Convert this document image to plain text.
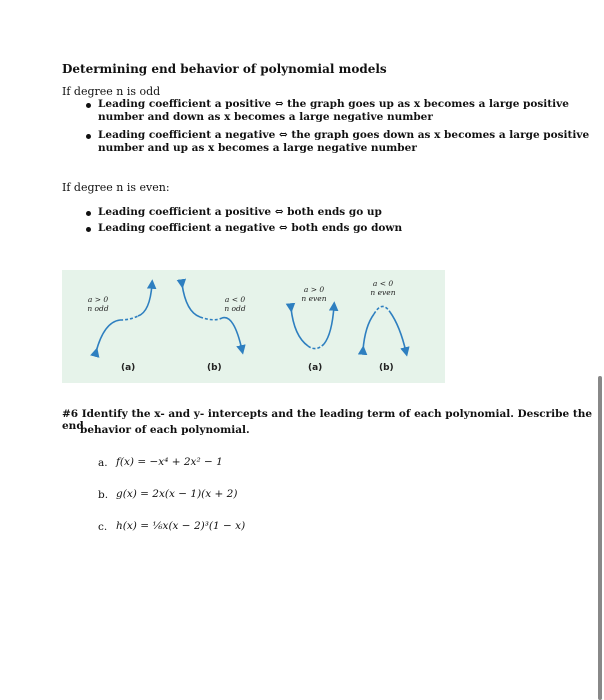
Determining end behavior of polynomial models
If degree n is odd
Leading coefficient a positive ⇔ the graph goes up as x becomes a large positive
number and down as x becomes a large negative number
Leading coefficient a negative ⇔ the graph goes down as x becomes a large positive
number and up as x becomes a large negative number
If degree n is even:
Leading coefficient a positive ⇔ both ends go up
Leading coefficient a negative ⇔ both ends go down
a > 0
n odd
a < 0
n odd
a > 0
n even
a < 0
n even
(a)	(b)	(a)	(b)
#6 Identify the x- and y- intercepts and the leading term of each polynomial. Describe the end
behavior of each polynomial.
a. f(x) = −x⁴ + 2x² − 1
b. g(x) = 2x(x − 1)(x + 2)
c. h(x) = ⅙x(x − 2)³(1 − x)
